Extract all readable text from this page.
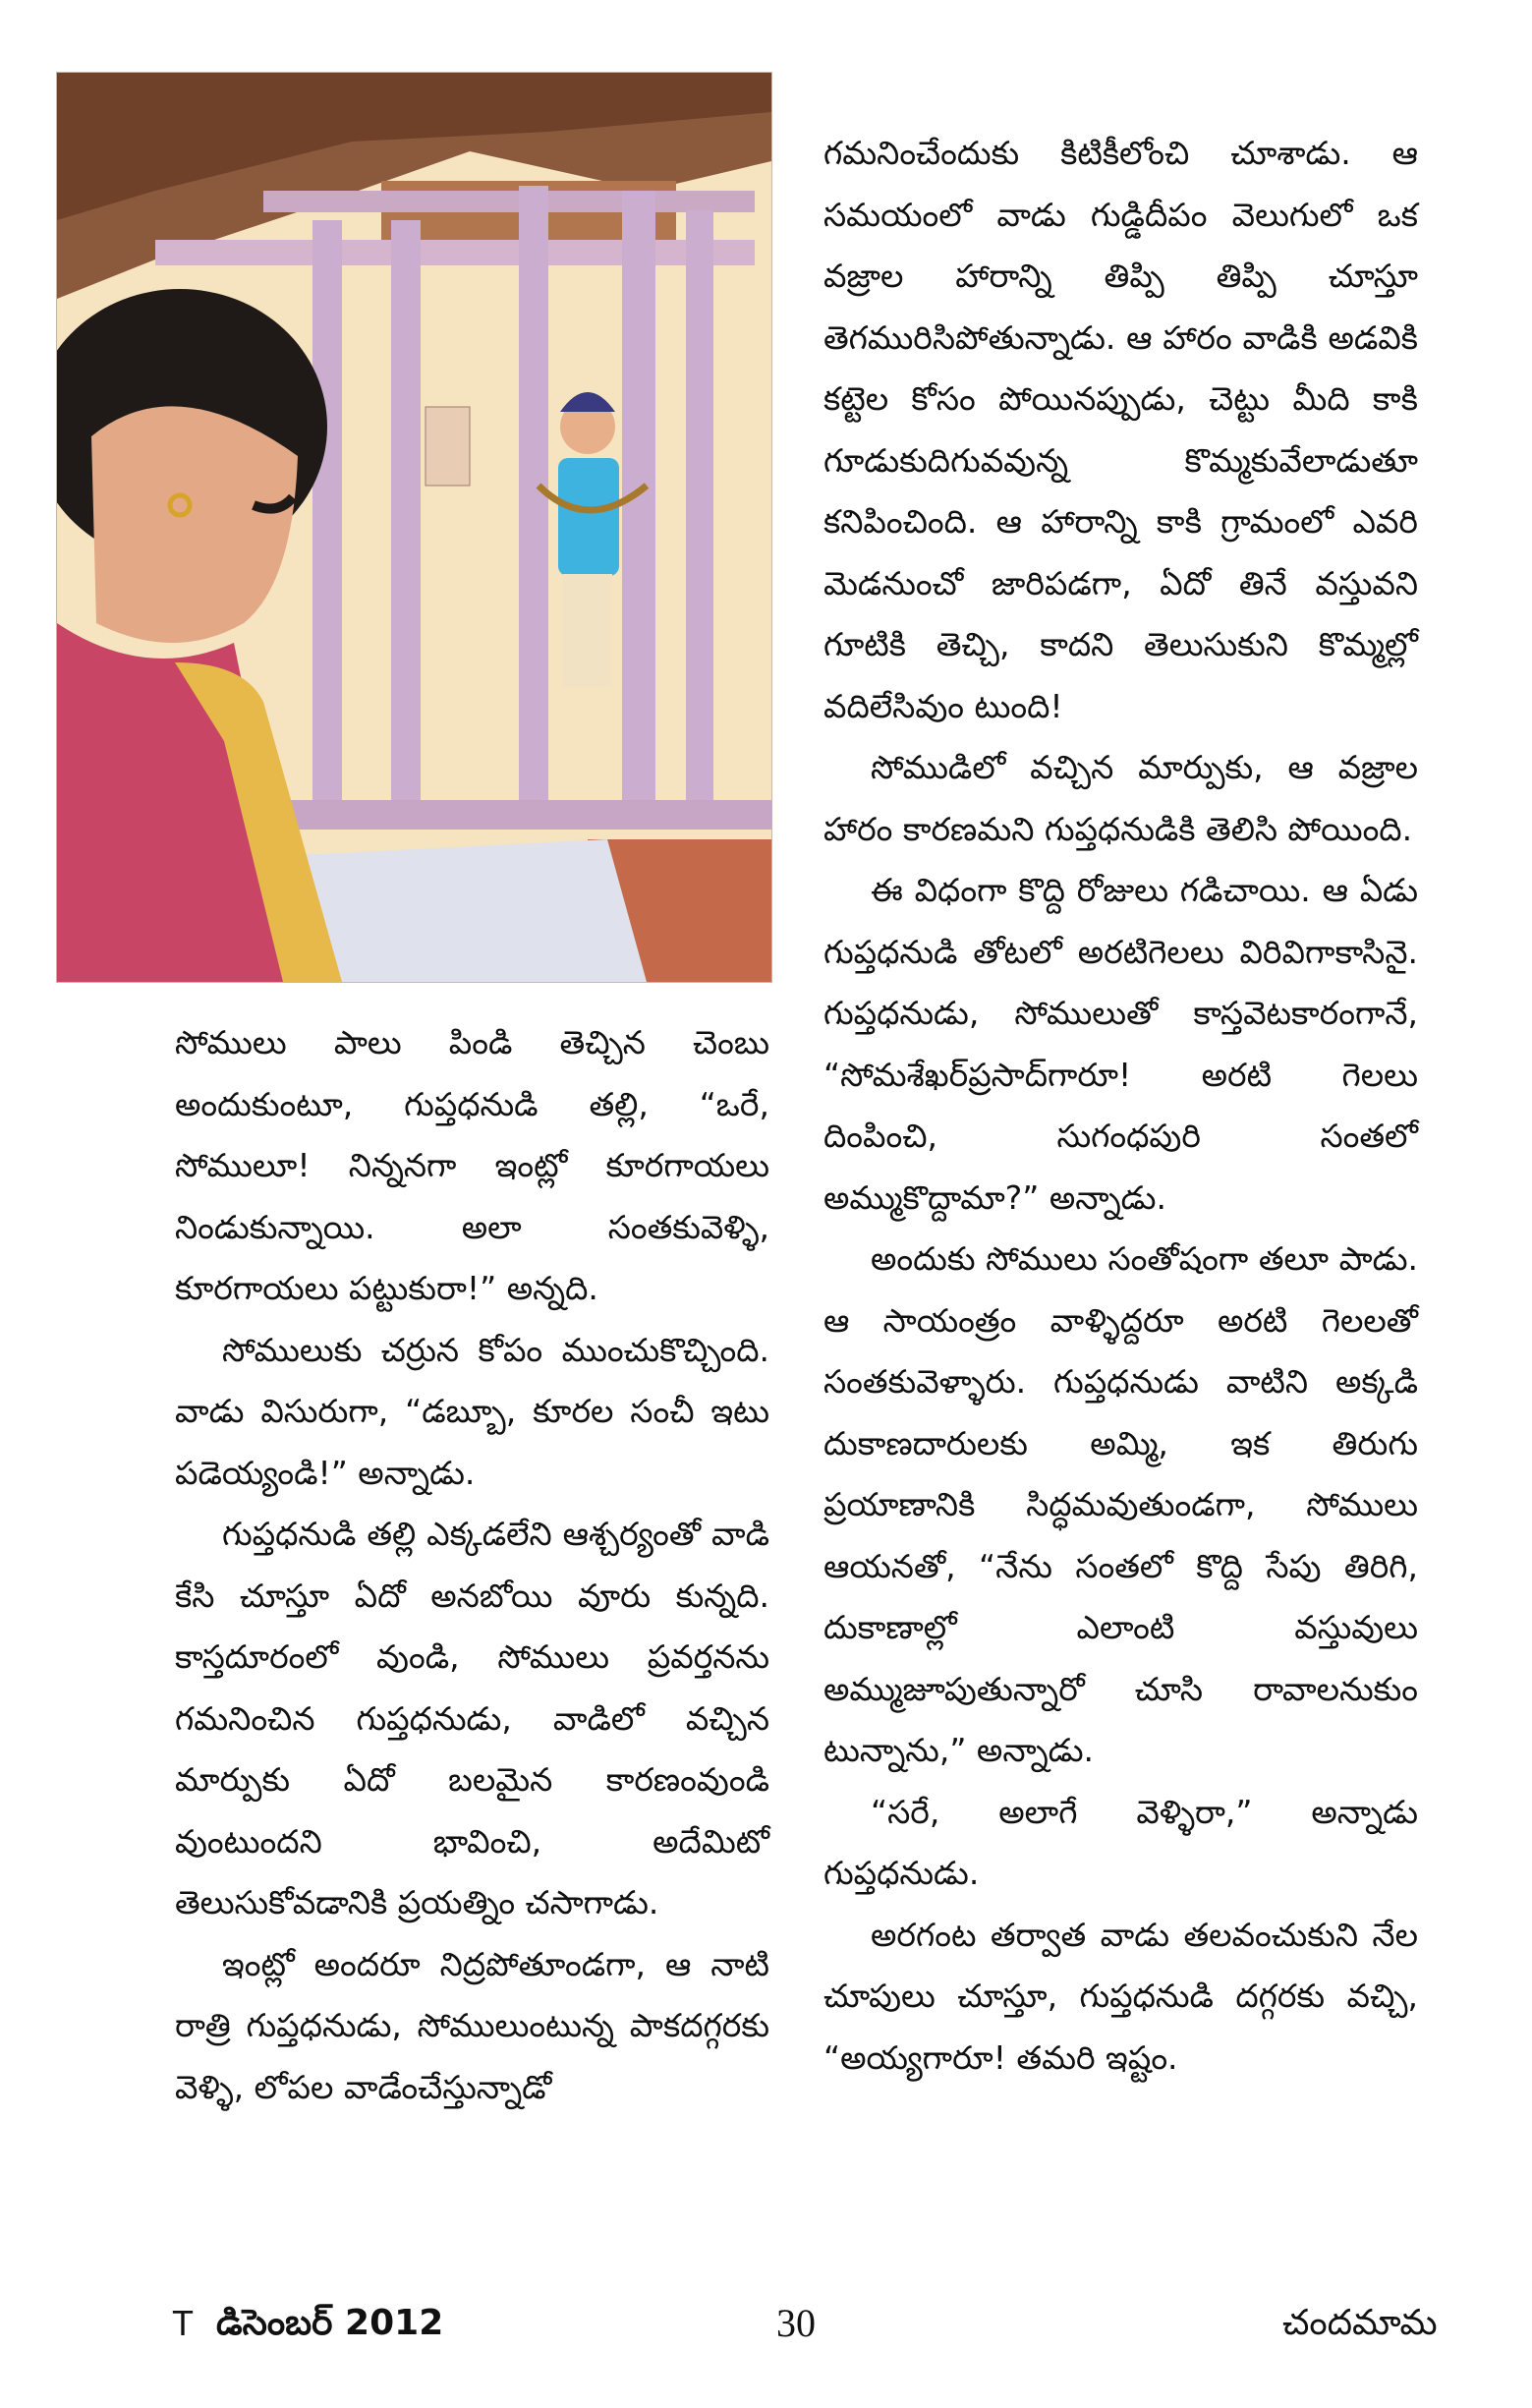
సోములు పాలు పిండి తెచ్చిన చెంబు అందుకుంటూ, గుప్తధనుడి తల్లి, “ఒరే, సోములూ! నిన్ననగా ఇంట్లో కూరగాయలు నిండుకున్నాయి. అలా సంతకువెళ్ళి, కూరగాయలు పట్టుకురా!” అన్నది.

సోములుకు చర్రున కోపం ముంచుకొచ్చింది. వాడు విసురుగా, “డబ్బూ, కూరల సంచీ ఇటు పడెయ్యండి!” అన్నాడు.

గుప్తధనుడి తల్లి ఎక్కడలేని ఆశ్చర్యంతో వాడి కేసి చూస్తూ ఏదో అనబోయి వూరు కున్నది. కాస్తదూరంలో వుండి, సోములు ప్రవర్తనను గమనించిన గుప్తధనుడు, వాడిలో వచ్చిన మార్పుకు ఏదో బలమైన కారణంవుండి వుంటుందని భావించి, అదేమిటో తెలుసుకోవడానికి ప్రయత్నిం చసాగాడు.

ఇంట్లో అందరూ నిద్రపోతూండగా, ఆ నాటి రాత్రి గుప్తధనుడు, సోములుంటున్న పాకదగ్గరకు వెళ్ళి, లోపల వాడేంచేస్తున్నాడో

గమనించేందుకు కిటికీలోంచి చూశాడు. ఆ సమయంలో వాడు గుడ్డిదీపం వెలుగులో ఒక వజ్రాల హారాన్ని తిప్పి తిప్పి చూస్తూ తెగమురిసిపోతున్నాడు. ఆ హారం వాడికి అడవికి కట్టెల కోసం పోయినప్పుడు, చెట్టు మీది కాకి గూడుకుదిగువవున్న కొమ్మకువేలాడుతూ కనిపించింది. ఆ హారాన్ని కాకి గ్రామంలో ఎవరి మెడనుంచో జారిపడగా, ఏదో తినే వస్తువని గూటికి తెచ్చి, కాదని తెలుసుకుని కొమ్మల్లో వదిలేసివుం టుంది!

సోముడిలో వచ్చిన మార్పుకు, ఆ వజ్రాల హారం కారణమని గుప్తధనుడికి తెలిసి పోయింది.

ఈ విధంగా కొద్ది రోజులు గడిచాయి. ఆ ఏడు గుప్తధనుడి తోటలో అరటిగెలలు విరివిగాకాసినై. గుప్తధనుడు, సోములుతో కాస్తవెటకారంగానే, “సోమశేఖర్‌ప్రసాద్‌గారూ! అరటి గెలలు దింపించి, సుగంధపురి సంతలో అమ్ముకొద్దామా?” అన్నాడు.

అందుకు సోములు సంతోషంగా తలూ పాడు. ఆ సాయంత్రం వాళ్ళిద్దరూ అరటి గెలలతో సంతకువెళ్ళారు. గుప్తధనుడు వాటిని అక్కడి దుకాణదారులకు అమ్మి, ఇక తిరుగు ప్రయాణానికి సిద్ధమవుతుండగా, సోములు ఆయనతో, “నేను సంతలో కొద్ది సేపు తిరిగి, దుకాణాల్లో ఎలాంటి వస్తువులు అమ్ముజూపుతున్నారో చూసి రావాలనుకుం టున్నాను,” అన్నాడు.

“సరే, అలాగే వెళ్ళిరా,” అన్నాడు గుప్తధనుడు.

అరగంట తర్వాత వాడు తలవంచుకుని నేల చూపులు చూస్తూ, గుప్తధనుడి దగ్గరకు వచ్చి, “అయ్యగారూ! తమరి ఇష్టం.

T డిసెంబర్ 2012	30	చందమామ
